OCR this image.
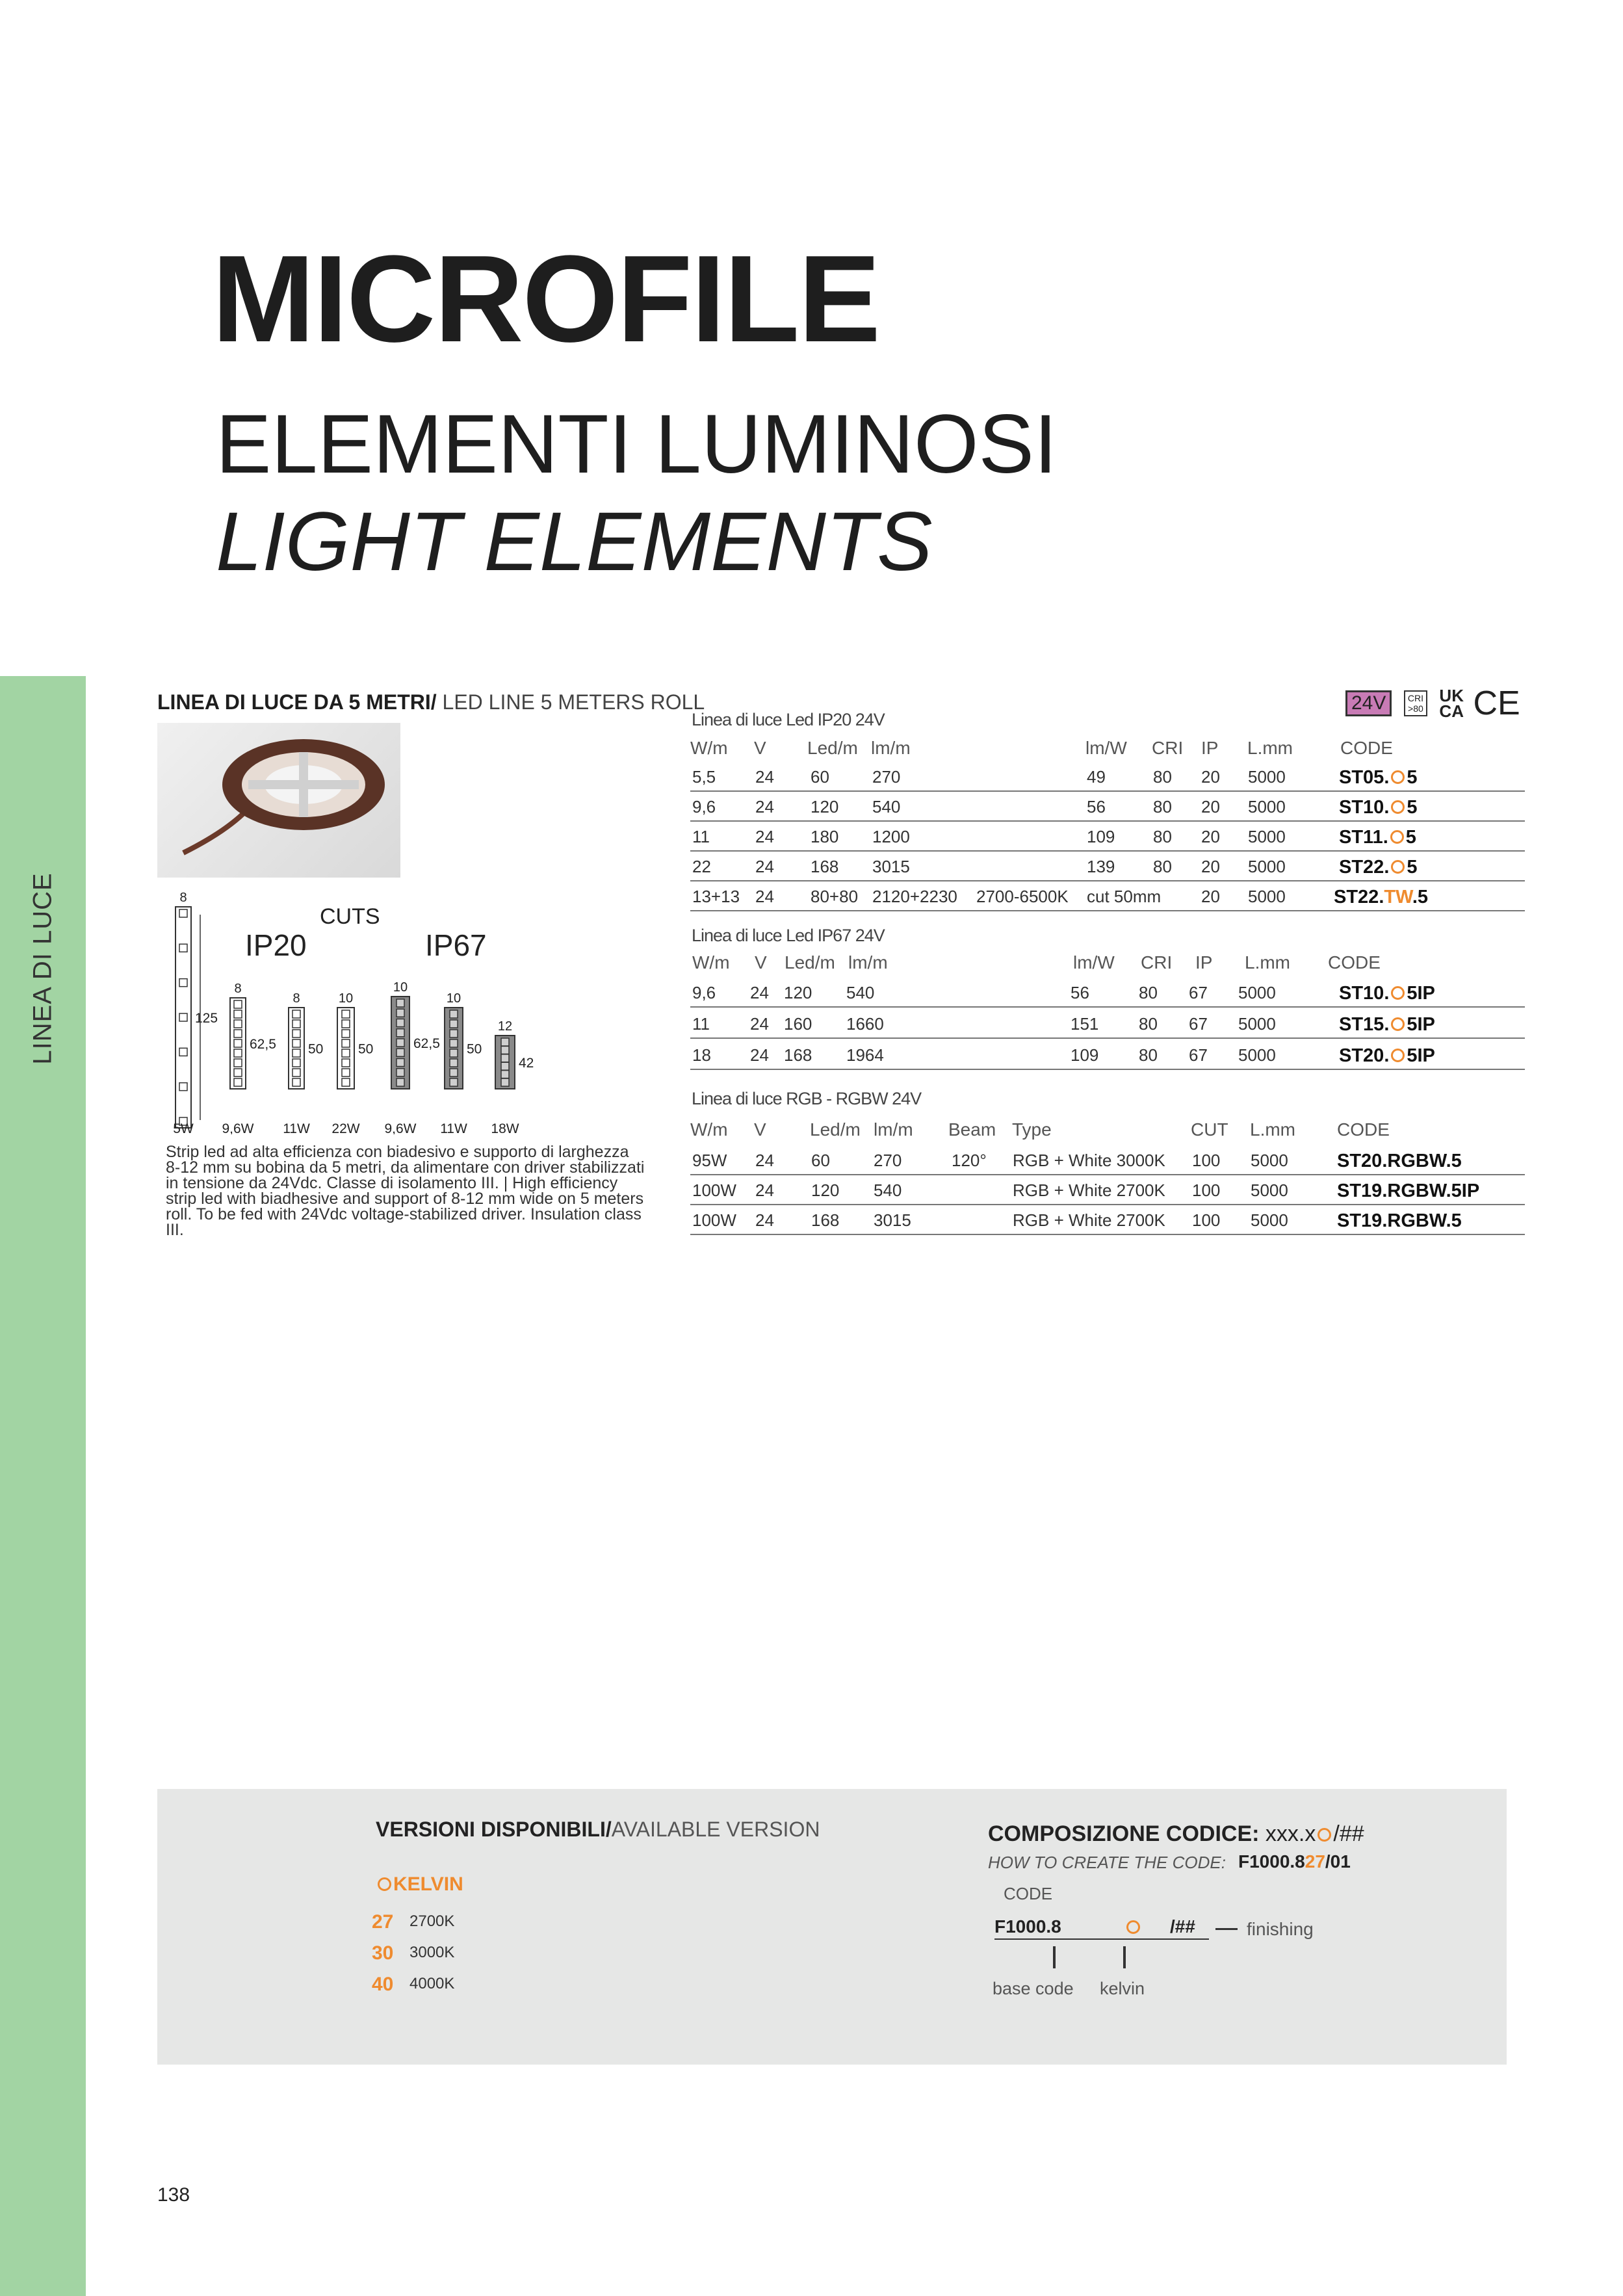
LINEA DI LUCE
MICROFILE
ELEMENTI LUMINOSI
LIGHT ELEMENTS
LINEA DI LUCE DA 5 METRI/ LED LINE 5 METERS ROLL
CUTS
IP20	IP67
8
125
5W
8
62,5
9,6W
8
50
11W
10
50
22W
10
62,5
9,6W
10
50
11W
12
42
18W
Strip led ad alta efficienza con biadesivo e supporto di larghezza 8-12 mm su bobina da 5 metri, da alimentare con driver stabilizzati in tensione da 24Vdc. Classe di isolamento III. | High efficiency strip led with biadhesive and support of 8-12 mm wide on 5 meters roll. To be fed with 24Vdc voltage-stabilized driver. Insulation class III.
24V CRI
>80 UK
CA CE
Linea di luce Led IP20 24V
W/m V Led/m lm/m	lm/W CRI IP L.mm	CODE
5,5 24 60	270	49	80 20 5000	ST05. 5
9,6 24 120 540	56	80 20 5000	ST10. 5
11	24 180 1200	109 80 20 5000	ST11. 5
22	24 168 3015	139 80 20 5000	ST22. 5
13+13 24 80+80 2120+2230 2700-6500K cut 50mm 20 5000	ST22.TW.5
Linea di luce Led IP67 24V
W/m V Led/m lm/m	lm/W CRI IP L.mm CODE
9,6 24 120 540	56	80 67 5000	ST10. 5IP
11 24 160 1660	151 80 67 5000	ST15. 5IP
18 24 168 1964	109 80 67 5000	ST20. 5IP
Linea di luce RGB - RGBW 24V
W/m V Led/m lm/m Beam Type	CUT L.mm CODE
95W 24 60	270	120° RGB + White 3000K 100 5000	ST20.RGBW.5
100W 24 120 540	RGB + White 2700K 100 5000	ST19.RGBW.5IP
100W 24 168 3015	RGB + White 2700K 100 5000	ST19.RGBW.5
VERSIONI DISPONIBILI/AVAILABLE VERSION
KELVIN
27 2700K
30 3000K
40 4000K
COMPOSIZIONE CODICE: xxx.x /##
HOW TO CREATE THE CODE: F1000.827/01
CODE
F1000.8	/##	finishing
base code kelvin
138
